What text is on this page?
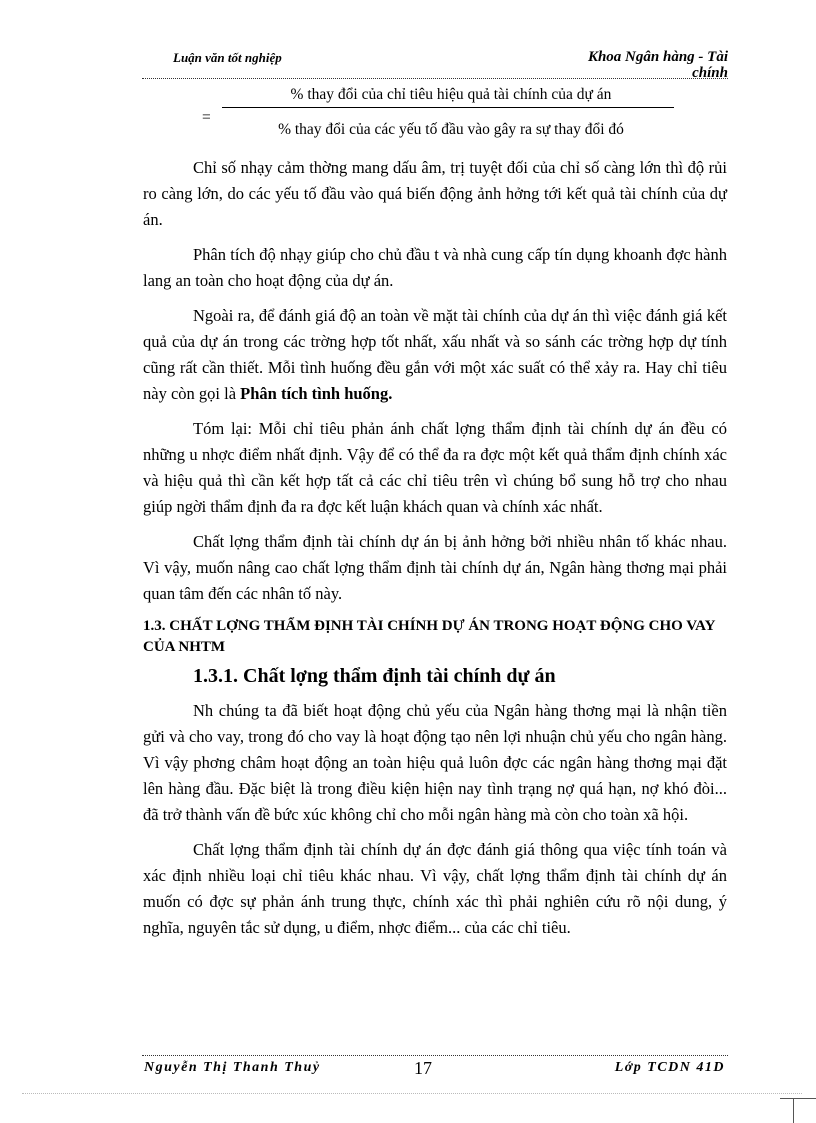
Luận văn tốt nghiệp	Khoa Ngân hàng - Tài
chính
=
% thay đổi của chỉ tiêu hiệu quả tài chính của dự án
% thay đổi của các yếu tố đầu vào gây ra sự thay đổi đó

Chỉ số nhạy cảm thờng mang dấu âm, trị tuyệt đối của chỉ số càng lớn thì độ rủi ro càng lớn, do các yếu tố đầu vào quá biến động ảnh hởng tới kết quả tài chính của dự án.

Phân tích độ nhạy giúp cho chủ đầu t và nhà cung cấp tín dụng khoanh đợc hành lang an toàn cho hoạt động của dự án.

Ngoài ra, để đánh giá độ an toàn về mặt tài chính của dự án thì việc đánh giá kết quả của dự án trong các trờng hợp tốt nhất, xấu nhất và so sánh các trờng hợp dự tính cũng rất cần thiết. Mỗi tình huống đều gắn với một xác suất có thể xảy ra. Hay chỉ tiêu này còn gọi là Phân tích tình huống.

Tóm lại: Mỗi chỉ tiêu phản ánh chất lợng thẩm định tài chính dự án đều có những u nhợc điểm nhất định. Vậy để có thể đa ra đợc một kết quả thẩm định chính xác và hiệu quả thì cần kết hợp tất cả các chỉ tiêu trên vì chúng bổ sung hỗ trợ cho nhau giúp ngời thẩm định đa ra đợc kết luận khách quan và chính xác nhất.

Chất lợng thẩm định tài chính dự án bị ảnh hởng bởi nhiều nhân tố khác nhau. Vì vậy, muốn nâng cao chất lợng thẩm định tài chính dự án, Ngân hàng thơng mại phải quan tâm đến các nhân tố này.

1.3. CHẤT LỢNG THẨM ĐỊNH TÀI CHÍNH DỰ ÁN TRONG HOẠT ĐỘNG CHO VAY CỦA NHTM
1.3.1. Chất lợng thẩm định tài chính dự án

Nh chúng ta đã biết hoạt động chủ yếu của Ngân hàng thơng mại là nhận tiền gửi và cho vay, trong đó cho vay là hoạt động tạo nên lợi nhuận chủ yếu cho ngân hàng. Vì vậy phơng châm hoạt động an toàn hiệu quả luôn đợc các ngân hàng thơng mại đặt lên hàng đầu. Đặc biệt là trong điều kiện hiện nay tình trạng nợ quá hạn, nợ khó đòi... đã trở thành vấn đề bức xúc không chỉ cho mỗi ngân hàng mà còn cho toàn xã hội.

Chất lợng thẩm định tài chính dự án đợc đánh giá thông qua việc tính toán và xác định nhiều loại chỉ tiêu khác nhau. Vì vậy, chất lợng thẩm định tài chính dự án muốn có đợc sự phản ánh trung thực, chính xác thì phải nghiên cứu rõ nội dung, ý nghĩa, nguyên tắc sử dụng, u điểm, nhợc điểm... của các chỉ tiêu.

Nguyễn Thị Thanh Thuỷ	17	Lớp TCDN 41D
